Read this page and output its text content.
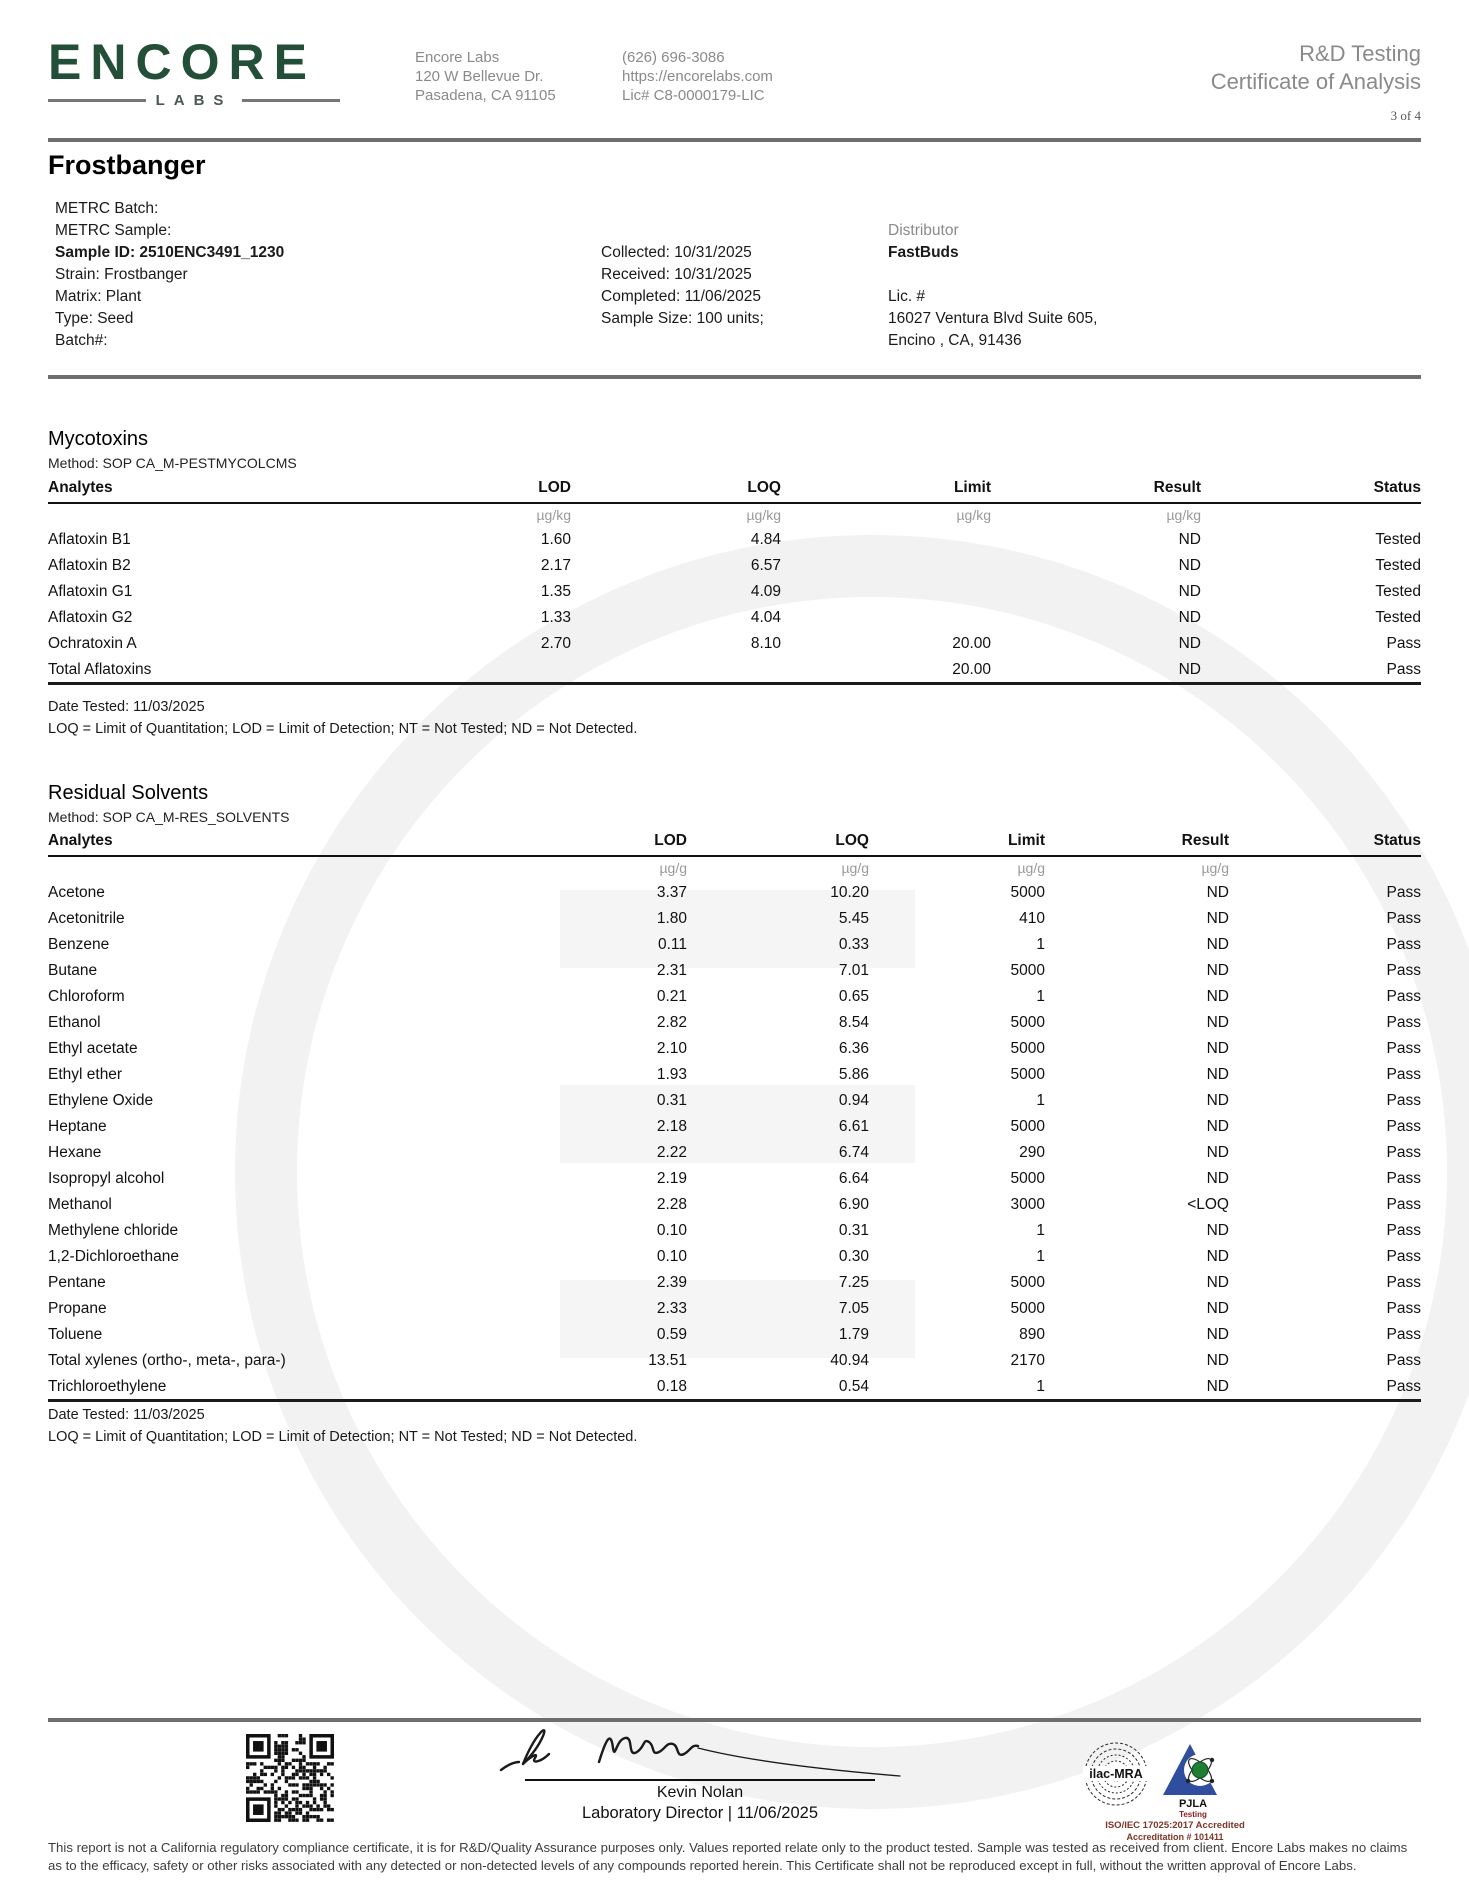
ENCORE
LABS
Encore Labs
120 W Bellevue Dr.
Pasadena, CA 91105
(626) 696-3086
https://encorelabs.com
Lic# C8-0000179-LIC
R&D Testing
Certificate of Analysis
3 of 4
Frostbanger
METRC Batch:
METRC Sample:
Sample ID: 2510ENC3491_1230
Strain: Frostbanger
Matrix: Plant
Type: Seed
Batch#:
Collected: 10/31/2025
Received: 10/31/2025
Completed: 11/06/2025
Sample Size: 100 units;
Distributor
FastBuds
Lic. #
16027 Ventura Blvd Suite 605,
Encino , CA, 91436
Mycotoxins
Method: SOP CA_M-PESTMYCOLCMS
Analytes	LOD	LOQ	Limit	Result	Status
	µg/kg	µg/kg	µg/kg	µg/kg	
Aflatoxin B1	1.60	4.84		ND	Tested
Aflatoxin B2	2.17	6.57		ND	Tested
Aflatoxin G1	1.35	4.09		ND	Tested
Aflatoxin G2	1.33	4.04		ND	Tested
Ochratoxin A	2.70	8.10	20.00	ND	Pass
Total Aflatoxins			20.00	ND	Pass
Date Tested: 11/03/2025
LOQ = Limit of Quantitation; LOD = Limit of Detection; NT = Not Tested; ND = Not Detected.
Residual Solvents
Method: SOP CA_M-RES_SOLVENTS
Analytes	LOD	LOQ	Limit	Result	Status
	µg/g	µg/g	µg/g	µg/g	
Acetone	3.37	10.20	5000	ND	Pass
Acetonitrile	1.80	5.45	410	ND	Pass
Benzene	0.11	0.33	1	ND	Pass
Butane	2.31	7.01	5000	ND	Pass
Chloroform	0.21	0.65	1	ND	Pass
Ethanol	2.82	8.54	5000	ND	Pass
Ethyl acetate	2.10	6.36	5000	ND	Pass
Ethyl ether	1.93	5.86	5000	ND	Pass
Ethylene Oxide	0.31	0.94	1	ND	Pass
Heptane	2.18	6.61	5000	ND	Pass
Hexane	2.22	6.74	290	ND	Pass
Isopropyl alcohol	2.19	6.64	5000	ND	Pass
Methanol	2.28	6.90	3000	<LOQ	Pass
Methylene chloride	0.10	0.31	1	ND	Pass
1,2-Dichloroethane	0.10	0.30	1	ND	Pass
Pentane	2.39	7.25	5000	ND	Pass
Propane	2.33	7.05	5000	ND	Pass
Toluene	0.59	1.79	890	ND	Pass
Total xylenes (ortho-, meta-, para-)	13.51	40.94	2170	ND	Pass
Trichloroethylene	0.18	0.54	1	ND	Pass
Date Tested: 11/03/2025
LOQ = Limit of Quantitation; LOD = Limit of Detection; NT = Not Tested; ND = Not Detected.
Kevin Nolan
Laboratory Director | 11/06/2025
ilac-MRA
PJLA
Testing
ISO/IEC 17025:2017 Accredited
Accreditation # 101411
This report is not a California regulatory compliance certificate, it is for R&D/Quality Assurance purposes only. Values reported relate only to the product tested. Sample was tested as received from client. Encore Labs makes no claims as to the efficacy, safety or other risks associated with any detected or non-detected levels of any compounds reported herein. This Certificate shall not be reproduced except in full, without the written approval of Encore Labs.
